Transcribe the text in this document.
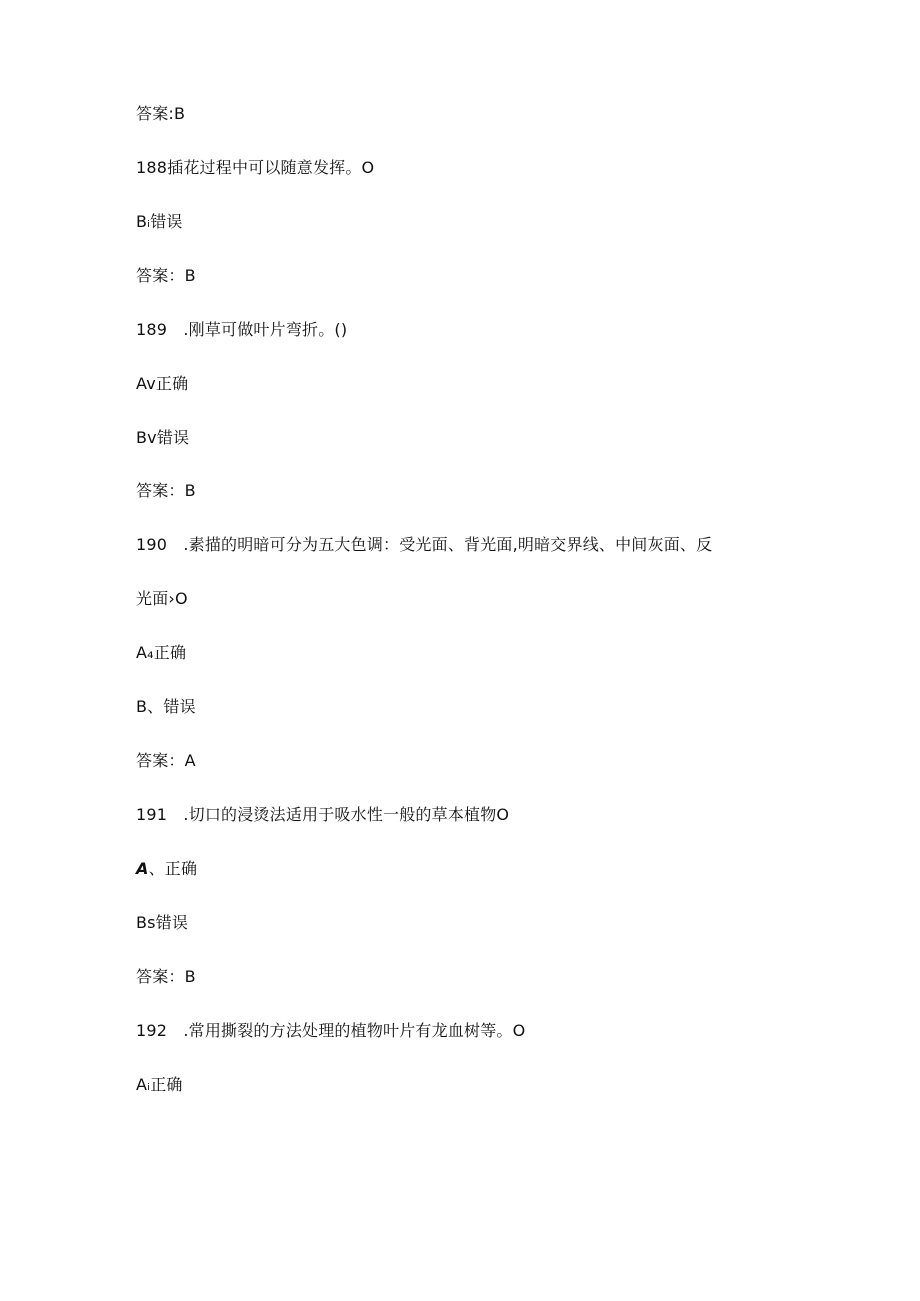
答案:B
188插花过程中可以随意发挥。O
Bᵢ错误
答案：B
189　.刚草可做叶片弯折。()
Av正确
Bv错误
答案：B
190　.素描的明暗可分为五大色调：受光面、背光面,明暗交界线、中间灰面、反
光面›O
A₄正确
B、错误
答案：A
191　.切口的浸烫法适用于吸水性一般的草本植物O
A、正确
Bs错误
答案：B
192　.常用撕裂的方法处理的植物叶片有龙血树等。O
Aᵢ正确
